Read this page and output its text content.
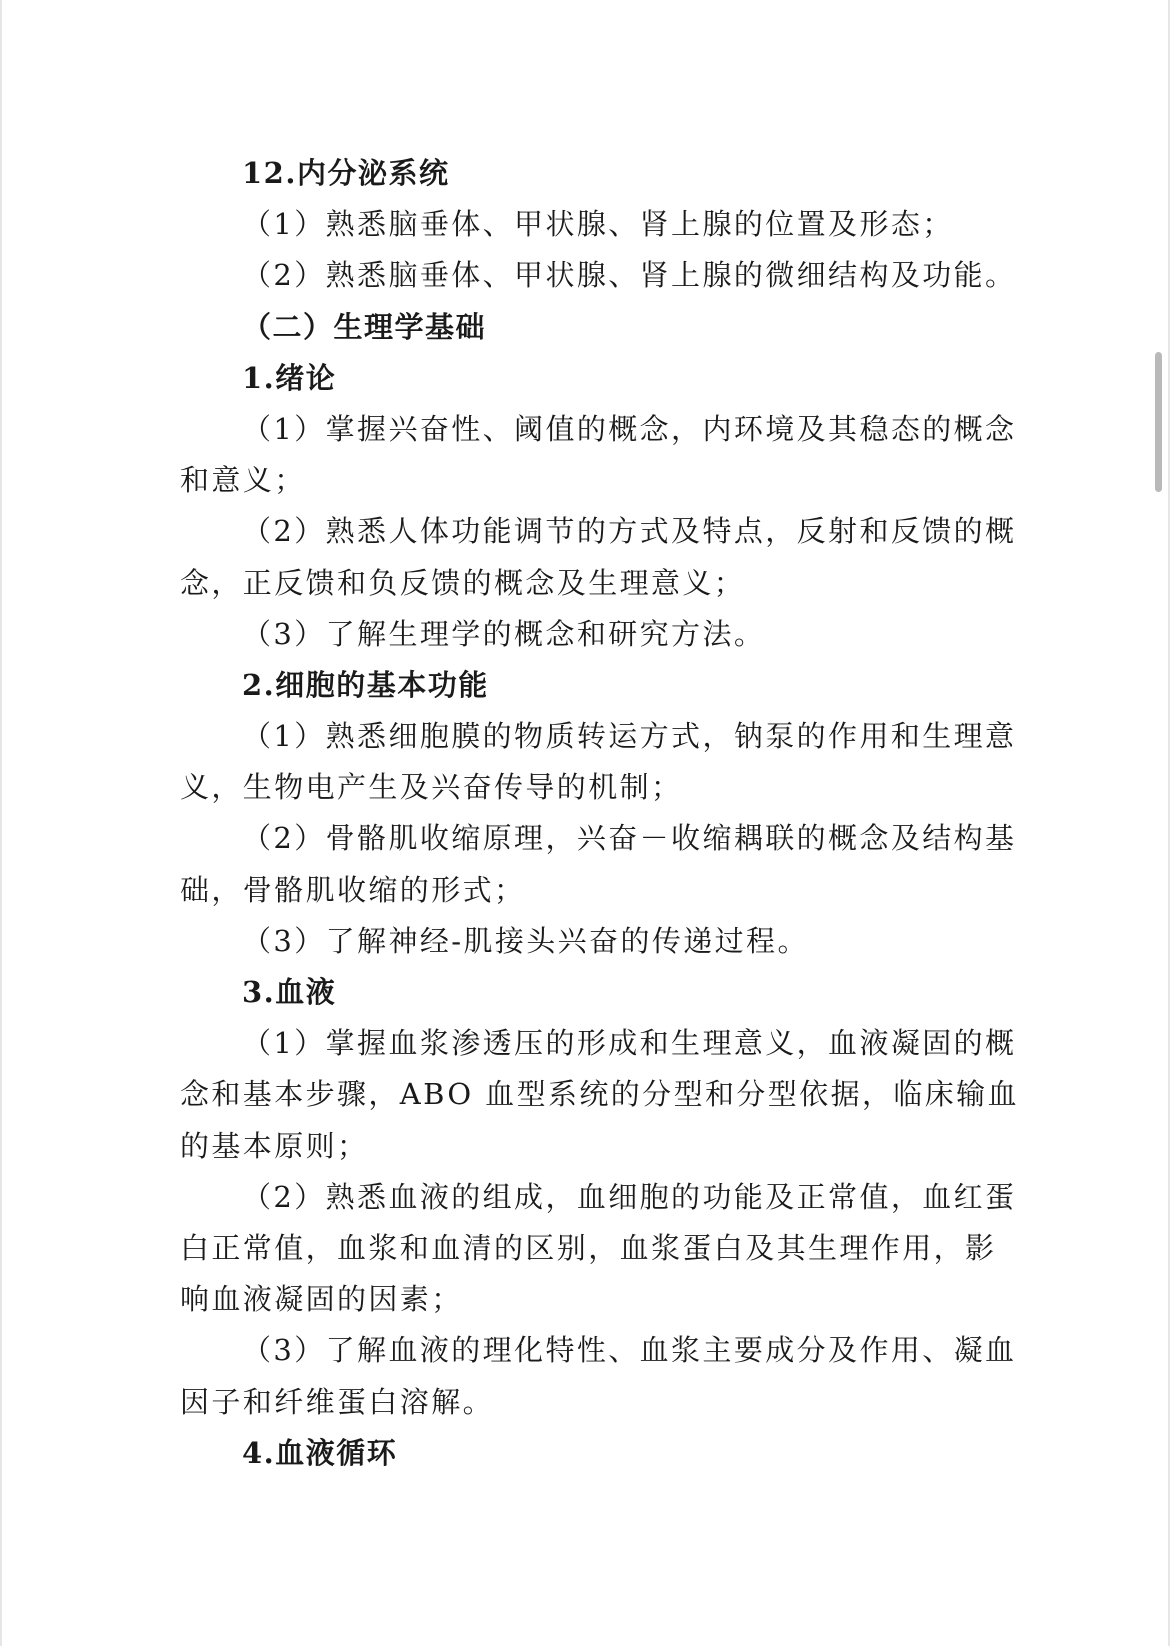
12.内分泌系统
（1）熟悉脑垂体、甲状腺、肾上腺的位置及形态；
（2）熟悉脑垂体、甲状腺、肾上腺的微细结构及功能。
（二）生理学基础
1.绪论
（1）掌握兴奋性、阈值的概念，内环境及其稳态的概念
和意义；
（2）熟悉人体功能调节的方式及特点，反射和反馈的概
念，正反馈和负反馈的概念及生理意义；
（3）了解生理学的概念和研究方法。
2.细胞的基本功能
（1）熟悉细胞膜的物质转运方式，钠泵的作用和生理意
义，生物电产生及兴奋传导的机制；
（2）骨骼肌收缩原理，兴奋－收缩耦联的概念及结构基
础，骨骼肌收缩的形式；
（3）了解神经-肌接头兴奋的传递过程。
3.血液
（1）掌握血浆渗透压的形成和生理意义，血液凝固的概
念和基本步骤，ABO 血型系统的分型和分型依据，临床输血
的基本原则；
（2）熟悉血液的组成，血细胞的功能及正常值，血红蛋
白正常值，血浆和血清的区别，血浆蛋白及其生理作用，影
响血液凝固的因素；
（3）了解血液的理化特性、血浆主要成分及作用、凝血
因子和纤维蛋白溶解。
4.血液循环
